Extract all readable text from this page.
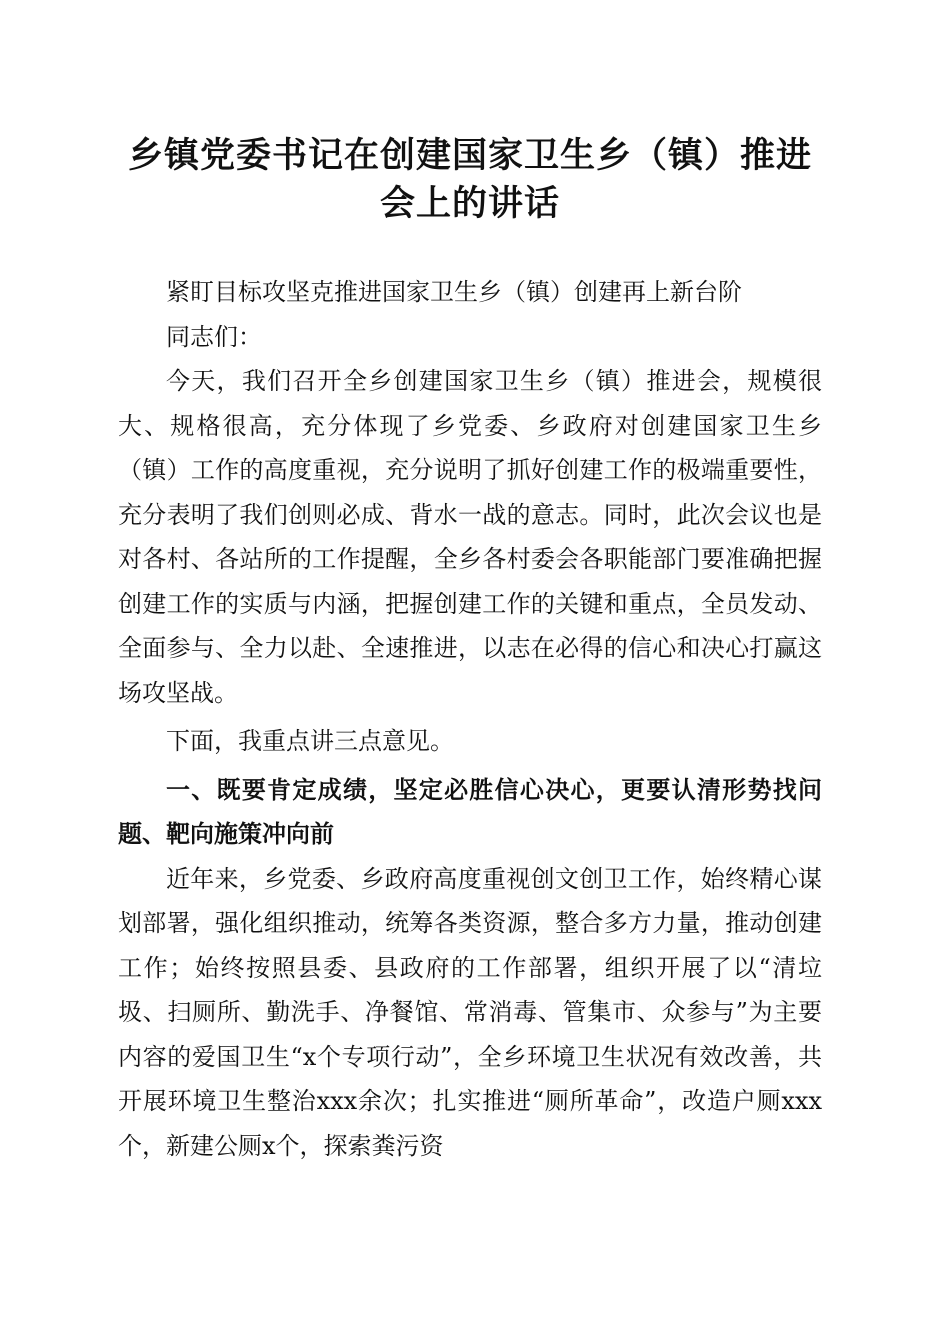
乡镇党委书记在创建国家卫生乡（镇）推进会上的讲话

紧盯目标攻坚克推进国家卫生乡（镇）创建再上新台阶

同志们：

今天，我们召开全乡创建国家卫生乡（镇）推进会，规模很大、规格很高，充分体现了乡党委、乡政府对创建国家卫生乡（镇）工作的高度重视，充分说明了抓好创建工作的极端重要性，充分表明了我们创则必成、背水一战的意志。同时，此次会议也是对各村、各站所的工作提醒，全乡各村委会各职能部门要准确把握创建工作的实质与内涵，把握创建工作的关键和重点，全员发动、全面参与、全力以赴、全速推进，以志在必得的信心和决心打赢这场攻坚战。

下面，我重点讲三点意见。

一、既要肯定成绩，坚定必胜信心决心，更要认清形势找问题、靶向施策冲向前

近年来，乡党委、乡政府高度重视创文创卫工作，始终精心谋划部署，强化组织推动，统筹各类资源，整合多方力量，推动创建工作；始终按照县委、县政府的工作部署，组织开展了以“清垃圾、扫厕所、勤洗手、净餐馆、常消毒、管集市、众参与”为主要内容的爱国卫生“x个专项行动”，全乡环境卫生状况有效改善，共开展环境卫生整治xxx余次；扎实推进“厕所革命”，改造户厕xxx个，新建公厕x个，探索粪污资
